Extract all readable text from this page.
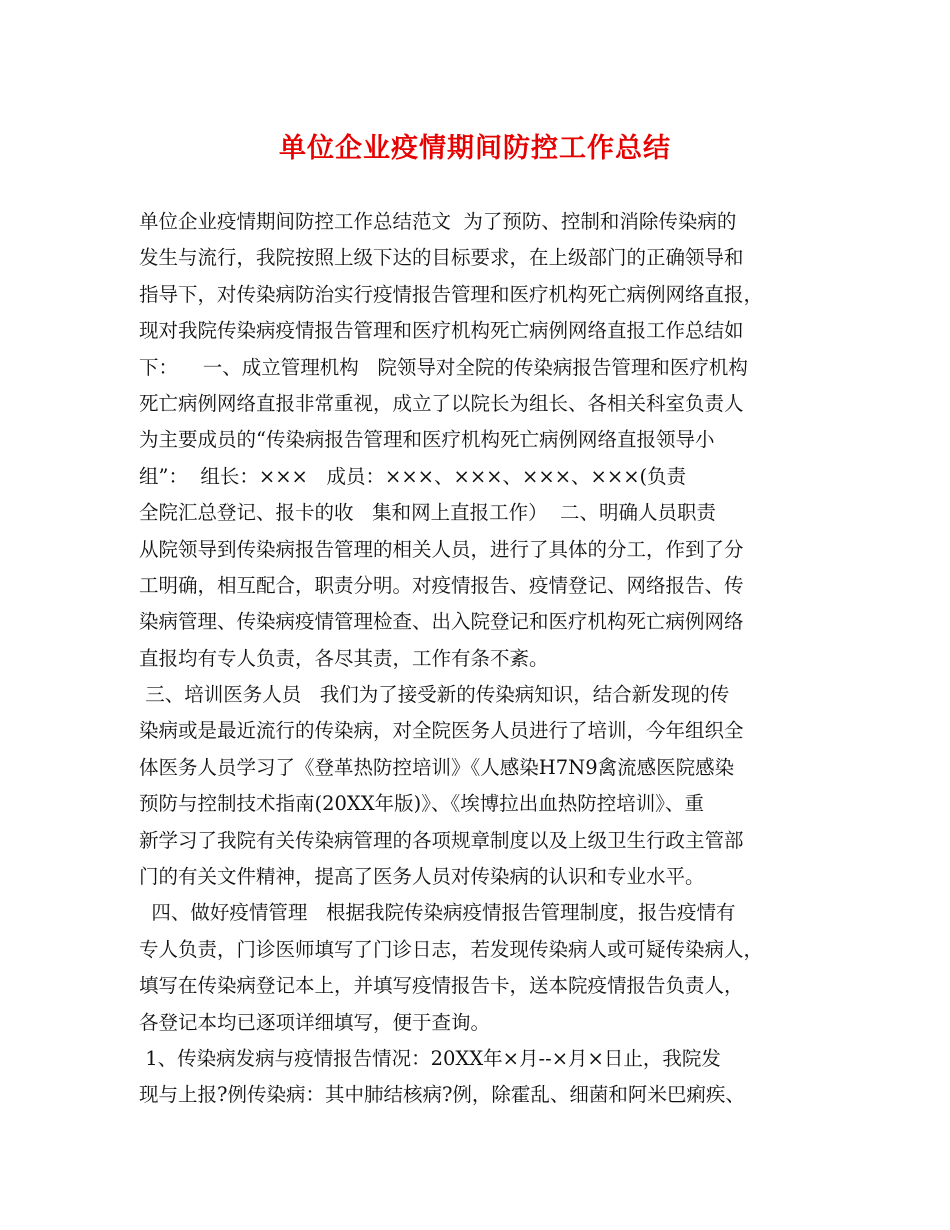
单位企业疫情期间防控工作总结
单位企业疫情期间防控工作总结范文  为了预防、控制和消除传染病的
发生与流行，我院按照上级下达的目标要求，在上级部门的正确领导和
指导下，对传染病防治实行疫情报告管理和医疗机构死亡病例网络直报，
现对我院传染病疫情报告管理和医疗机构死亡病例网络直报工作总结如
下：    一、成立管理机构   院领导对全院的传染病报告管理和医疗机构
死亡病例网络直报非常重视，成立了以院长为组长、各相关科室负责人
为主要成员的“传染病报告管理和医疗机构死亡病例网络直报领导小
组”：  组长：×××   成员：×××、×××、×××、×××(负责
全院汇总登记、报卡的收   集和网上直报工作）  二、明确人员职责
从院领导到传染病报告管理的相关人员，进行了具体的分工，作到了分
工明确，相互配合，职责分明。对疫情报告、疫情登记、网络报告、传
染病管理、传染病疫情管理检查、出入院登记和医疗机构死亡病例网络
直报均有专人负责，各尽其责，工作有条不紊。
三、培训医务人员   我们为了接受新的传染病知识，结合新发现的传
染病或是最近流行的传染病，对全院医务人员进行了培训，今年组织全
体医务人员学习了《登革热防控培训》《人感染H7N9禽流感医院感染
预防与控制技术指南(20XX年版)》、《埃博拉出血热防控培训》、重
新学习了我院有关传染病管理的各项规章制度以及上级卫生行政主管部
门的有关文件精神，提高了医务人员对传染病的认识和专业水平。
四、做好疫情管理   根据我院传染病疫情报告管理制度，报告疫情有
专人负责，门诊医师填写了门诊日志，若发现传染病人或可疑传染病人，
填写在传染病登记本上，并填写疫情报告卡，送本院疫情报告负责人，
各登记本均已逐项详细填写，便于查询。
1、传染病发病与疫情报告情况：20XX年×月--×月×日止，我院发
现与上报?例传染病：其中肺结核病?例，除霍乱、细菌和阿米巴痢疾、
